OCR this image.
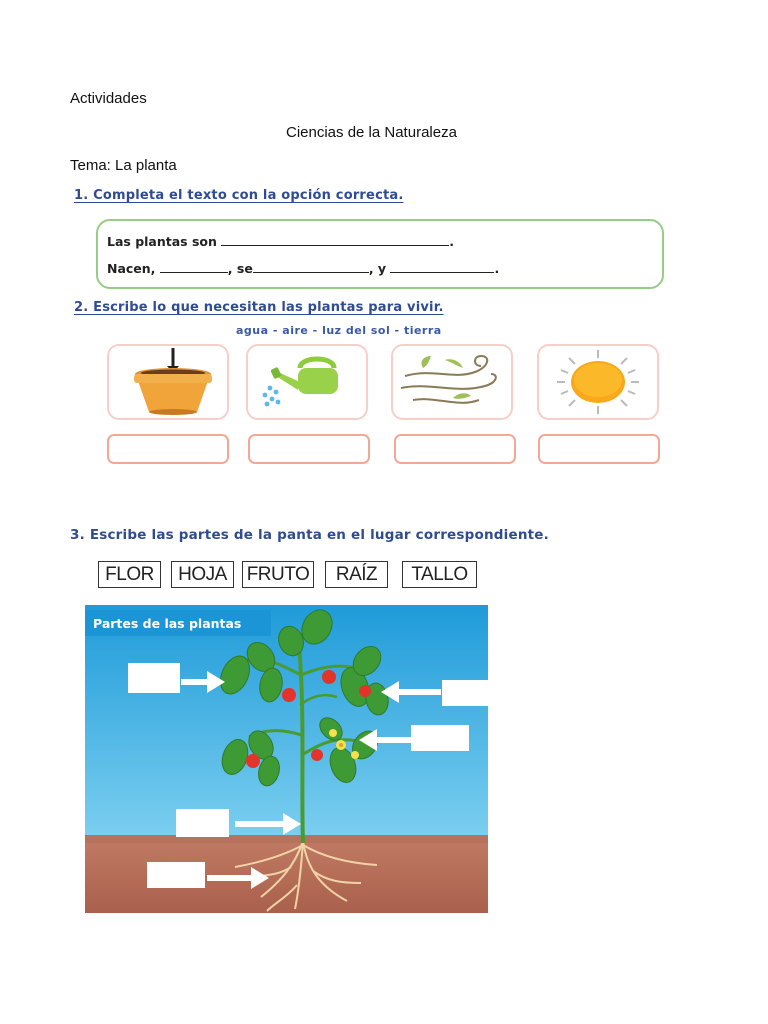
Actividades
Ciencias de la Naturaleza
Tema: La planta
1. Completa el texto con la opción correcta.
Las plantas son	.
Nacen,	, se	, y	.
2. Escribe lo que necesitan las plantas para vivir.
agua - aire - luz del sol - tierra
3. Escribe las partes de la panta en el lugar correspondiente.
FLOR	HOJA	FRUTO	RAÍZ	TALLO
Partes de las plantas
